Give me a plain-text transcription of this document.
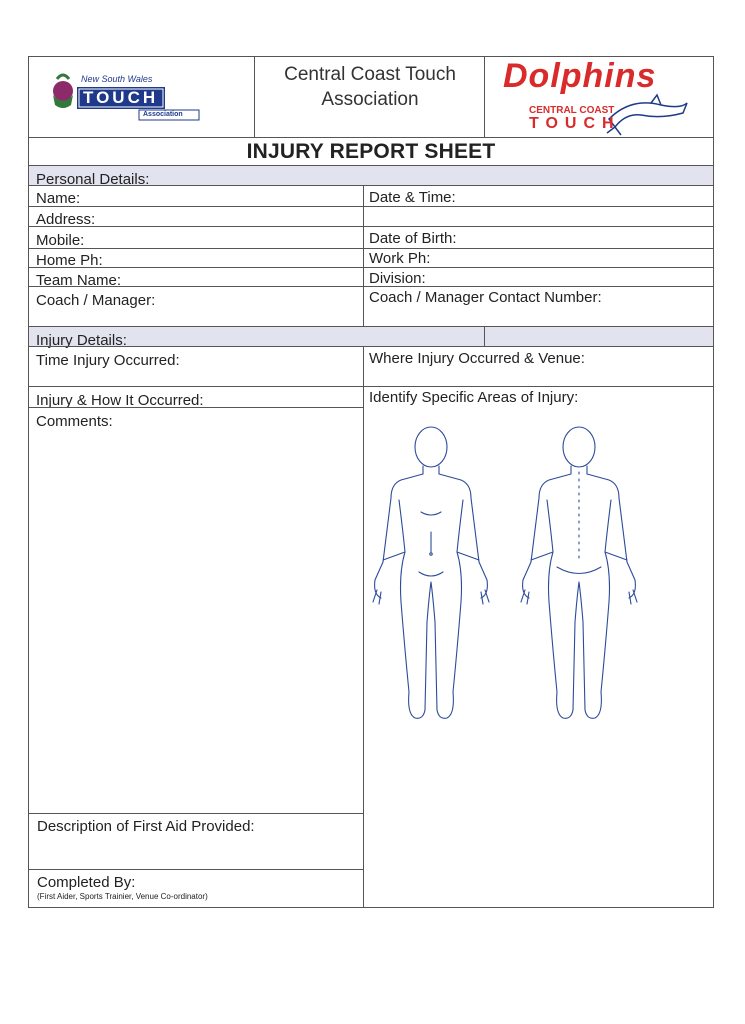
New South Wales
TOUCH
Association
Central Coast Touch
Association
Dolphins
CENTRAL COAST
TOUCH
INJURY REPORT SHEET
Personal Details:
Name:	Date & Time:
Address:
Mobile:	Date of Birth:
Home Ph:	Work Ph:
Team Name:	Division:
Coach / Manager:	Coach / Manager Contact Number:
Injury Details:
Time Injury Occurred:	Where Injury Occurred & Venue:
Injury & How It Occurred:	Identify Specific Areas of Injury:
Comments:
Description of First Aid Provided:
Completed By:
(First Aider, Sports Trainier, Venue Co-ordinator)
